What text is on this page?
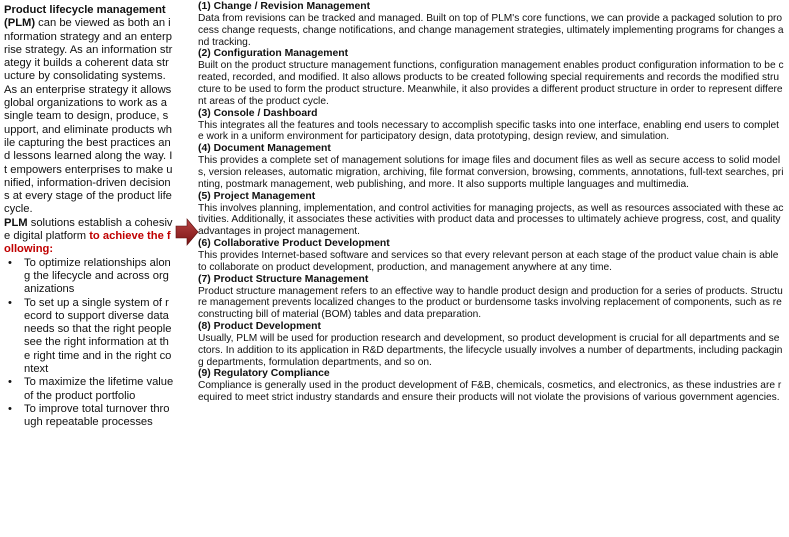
Product lifecycle management (PLM) can be viewed as both an information strategy and an enterprise strategy. As an information strategy it builds a coherent data structure by consolidating systems. As an enterprise strategy it allows global organizations to work as a single team to design, produce, support, and eliminate products while capturing the best practices and lessons learned along the way. It empowers enterprises to make unified, information-driven decisions at every stage of the product lifecycle.

PLM solutions establish a cohesive digital platform to achieve the following:

• To optimize relationships along the lifecycle and across organizations
• To set up a single system of record to support diverse data needs so that the right people see the right information at the right time and in the right context
• To maximize the lifetime value of the product portfolio
• To improve total turnover through repeatable processes
(1) Change / Revision Management

Data from revisions can be tracked and managed. Built on top of PLM's core functions, we can provide a packaged solution to process change requests, change notifications, and change management strategies, ultimately implementing programs for changes and tracking.

(2) Configuration Management

Built on the product structure management functions, configuration management enables product configuration information to be created, recorded, and modified. It also allows products to be created following special requirements and records the modified structure to be used to form the product structure. Meanwhile, it also provides a different product structure in order to represent different areas of the product cycle.

(3) Console / Dashboard

This integrates all the features and tools necessary to accomplish specific tasks into one interface, enabling end users to complete work in a uniform environment for participatory design, data prototyping, design review, and simulation.

(4) Document Management

This provides a complete set of management solutions for image files and document files as well as secure access to solid models, version releases, automatic migration, archiving, file format conversion, browsing, comments, annotations, full-text searches, printing, postmark management, web publishing, and more. It also supports multiple languages and multimedia.

(5) Project Management

This involves planning, implementation, and control activities for managing projects, as well as resources associated with these activities. Additionally, it associates these activities with product data and processes to ultimately achieve progress, cost, and quality advantages in project management.

(6) Collaborative Product Development

This provides Internet-based software and services so that every relevant person at each stage of the product value chain is able to collaborate on product development, production, and management anywhere at any time.

(7) Product Structure Management

Product structure management refers to an effective way to handle product design and production for a series of products. Structure management prevents localized changes to the product or burdensome tasks involving replacement of components, such as reconstructing bill of material (BOM) tables and data preparation.

(8) Product Development

Usually, PLM will be used for production research and development, so product development is crucial for all departments and sectors. In addition to its application in R&D departments, the lifecycle usually involves a number of departments, including packaging departments, formulation departments, and so on.

(9) Regulatory Compliance

Compliance is generally used in the product development of F&B, chemicals, cosmetics, and electronics, as these industries are required to meet strict industry standards and ensure their products will not violate the provisions of various government agencies.
